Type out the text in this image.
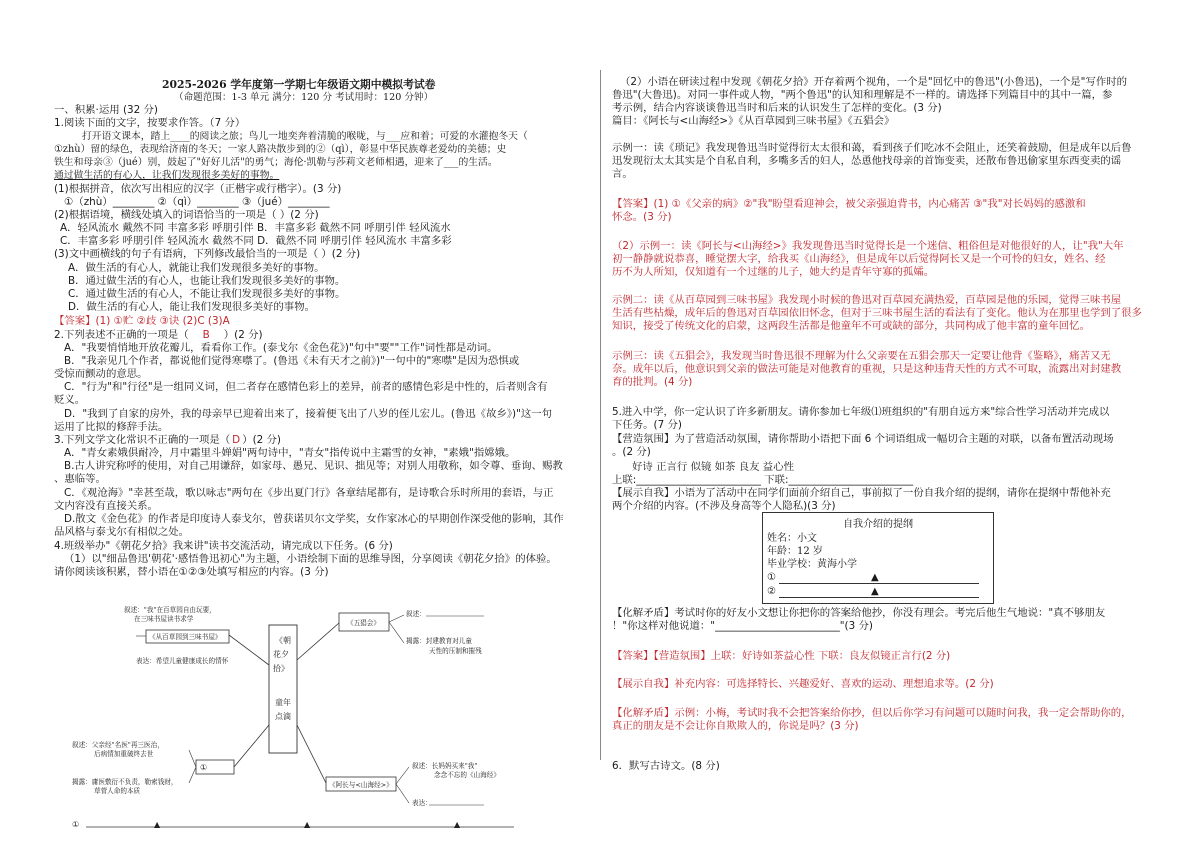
2025-2026 学年度第一学期七年级语文期中模拟考试卷
（命题范围：1-3 单元 满分：120 分 考试用时：120 分钟）
一、积累·运用 (32 分)
1.阅读下面的文字，按要求作答。（7 分）
打开语文课本，踏上____的阅读之旅；鸟儿一地奕奔着清脆的喉咙，与___应和着；可爱的水灌抱冬天（
①zhù）留的绿色，表现给济南的冬天；一家人路决散步到的②（qì），彰显中华民族尊老爱幼的美德；史
铁生和母亲③（jué）别，鼓起了"好好儿活"的勇气；海伦·凯勒与莎莉文老师相遇，迎来了___的生活。
通过做生活的有心人，让我们发现很多美好的事物。
(1)根据拼音，依次写出相应的汉字（正楷字或行楷字）。(3 分)
①（zhù）________ ②（qì）________ ③（jué）________
(2)根据语境，横线处填入的词语恰当的一项是（ ）(2 分)
A．轻风流水 戴然不同 丰富多彩 呼朋引伴 B．丰富多彩 截然不同 呼朋引伴 轻风流水
C．丰富多彩 呼朋引伴 轻风流水 截然不同 D．截然不同 呼朋引伴 轻风流水 丰富多彩
(3)文中画横线的句子有语病，下列修改最恰当的一项是（ ）(2 分)
A．做生活的有心人，就能让我们发现很多美好的事物。
B．通过做生活的有心人，也能让我们发现很多美好的事物。
C．通过做生活的有心人，不能让我们发现很多美好的事物。
D．做生活的有心人，能让我们发现很多美好的事物。
【答案】(1) ①贮 ②歧 ③诀 (2)C (3)A
2.下列表述不正确的一项是（ B ）(2 分)
A．"我要悄悄地开放花瓣儿，看看你工作。(泰戈尔《金色花》)"句中"要""工作"词性都是动词。
B．"我亲见几个作者，都说他们觉得寒噤了。(鲁迅《未有天才之前》)"一句中的"寒噤"是因为恐惧或
受惊而颤动的意思。
C．"行为"和"行径"是一组同义词，但二者存在感情色彩上的差异，前者的感情色彩是中性的，后者则含有
贬义。
D．"我到了自家的房外，我的母亲早已迎着出来了，接着便飞出了八岁的侄儿宏儿。(鲁迅《故乡》)"这一句
运用了比拟的修辞手法。
3.下列文学文化常识不正确的一项是（ D ）(2 分)
A．"青女素娥俱耐冷，月中霜里斗婵娟"两句诗中，"青女"指传说中主霜雪的女神，"素娥"指嫦娥。
B.古人讲究称呼的使用，对自己用谦辞，如家母、愚兄、见识、拙见等；对别人用敬称，如令尊、垂询、赐教
、惠临等。
C．《观沧海》"幸甚至哉，歌以咏志"两句在《步出夏门行》各章结尾都有，是诗歌合乐时所用的套语，与正
文内容没有直接关系。
D.散文《金色花》的作者是印度诗人泰戈尔，曾获诺贝尔文学奖，女作家冰心的早期创作深受他的影响，其作
品风格与泰戈尔有相似之处。
4.班级举办"《朝花夕拾》我来讲"读书交流活动，请完成以下任务。(6 分)
（1）以"细品鲁迅'朝花'·感悟鲁迅初心"为主题，小语绘制下面的思维导图，分享阅读《朝花夕拾》的体验。
请你阅读该积累，替小语在①②③处填写相应的内容。(3 分)
《朝
花夕
拾》
童年
点滴
《从百草园到三味书屋》
叙述："我"在百草园自由玩要，
在三味书屋读书求学
表达：希望儿童健康成长的情怀
《五猖会》
叙述：
揭露：封建教育对儿童
天性的压制和摧残
①
叙述：父亲经"名医"再三医治，
后病情加重破终去世
揭露：庸医敷衍不负责，勒索钱财，
草菅人命的本质
《阿长与<山海经>》
叙述：长妈妈买来"我"
念念不忘的《山海经》
表达：
①	▲	▲	▲
（2）小语在研读过程中发现《朝花夕拾》开存着两个视角，一个是"回忆中的鲁迅"(小鲁迅)，一个是"写作时的
鲁迅"(大鲁迅)。对同一事件或人物，"两个鲁迅"的认知和理解是不一样的。请选择下列篇目中的其中一篇，参
考示例，结合内容谈谈鲁迅当时和后来的认识发生了怎样的变化。(3 分)
篇目：《阿长与<山海经>》《从百草园到三味书屋》《五猖会》
示例一：读《琐记》我发现鲁迅当时觉得衍太太很和蔼，看到孩子们吃冰不会阻止，还笑着鼓励，但是成年以后鲁
迅发现衍太太其实是个自私自利，多嘴多舌的妇人，怂恿他找母亲的首饰变卖，还散布鲁迅偷家里东西变卖的谣
言。
【答案】(1) ①《父亲的病》②"我"盼望看迎神会，被父亲强迫背书，内心痛苦 ③"我"对长妈妈的感激和
怀念。(3 分)
（2）示例一：读《阿长与<山海经>》我发现鲁迅当时觉得长是一个迷信、粗俗但是对他很好的人，让"我"大年
初一静静就说恭喜，睡觉摆大字，给我买《山海经》，但是成年以后觉得阿长又是一个可怜的妇女，姓名、经
历不为人所知，仅知道有一个过继的儿子，她大约是青年守寡的孤孀。
示例二：读《从百草园到三味书屋》我发现小时候的鲁迅对百草园充满热爱，百草园是他的乐园，觉得三味书屋
生活有些枯燥，成年后的鲁迅对百草园依旧怀念，但对于三味书屋生活的看法有了变化。他认为在那里也学到了很多
知识，接受了传统文化的启蒙，这两段生活都是他童年不可或缺的部分，共同构成了他丰富的童年回忆。
示例三：读《五猖会》，我发现当时鲁迅很不理解为什么父亲要在五猖会那天一定要让他背《鉴略》，痛苦又无
奈。成年以后，他意识到父亲的做法可能是对他教育的重视，只是这种违背天性的方式不可取，流露出对封建教
育的批判。(4 分)
5.进入中学，你一定认识了许多新朋友。请你参加七年级⑴班组织的"有朋自远方来"综合性学习活动并完成以
下任务。(7 分)
【营造氛围】为了营造活动氛围，请你帮助小语把下面 6 个词语组成一幅切合主题的对联，以备布置活动现场
。(2 分)
好诗 正言行 似镜 如茶 良友 益心性
上联:________________________ 下联:________________________
【展示自我】小语为了活动中在同学们面前介绍自己，事前拟了一份自我介绍的提纲，请你在提纲中帮他补充
两个介绍的内容。(不涉及身高等个人隐私)(3 分)
自我介绍的提纲
姓名：小文
年龄：12 岁
毕业学校：黄海小学
①	▲
②	▲
【化解矛盾】考试时你的好友小文想让你把你的答案给他抄，你没有理会。考完后他生气地说："真不够朋友
！"你这样对他说道："________________________"(3 分)
【答案】【营造氛围】上联：好诗如茶益心性 下联：良友似镜正言行(2 分)
【展示自我】补充内容：可选择特长、兴趣爱好、喜欢的运动、理想追求等。(2 分)
【化解矛盾】示例：小梅，考试时我不会把答案给你抄，但以后你学习有问题可以随时问我，我一定会帮助你的，
真正的朋友是不会让你自欺欺人的，你说是吗？(3 分)
6．默写古诗文。(8 分)
